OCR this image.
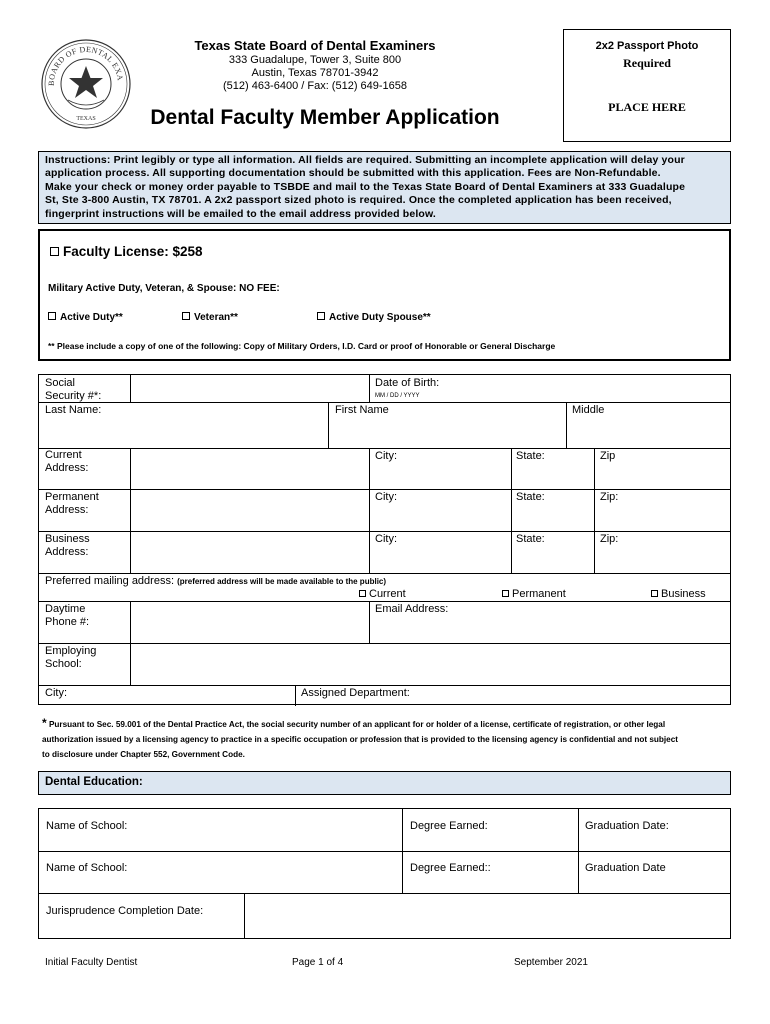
BOARD OF DENTAL EXA
TEXAS
Texas State Board of Dental Examiners
333 Guadalupe, Tower 3, Suite 800
Austin, Texas 78701-3942
(512) 463-6400 / Fax: (512) 649-1658
Dental Faculty Member Application
2x2 Passport Photo
Required
PLACE HERE
Instructions: Print legibly or type all information. All fields are required. Submitting an incomplete application will delay your
application process. All supporting documentation should be submitted with this application. Fees are Non-Refundable.
Make your check or money order payable to TSBDE and mail to the Texas State Board of Dental Examiners at 333 Guadalupe
St, Ste 3-800 Austin, TX 78701. A 2x2 passport sized photo is required. Once the completed application has been received,
fingerprint instructions will be emailed to the email address provided below.
Faculty License: $258
Military Active Duty, Veteran, & Spouse: NO FEE:
Active Duty**	Veteran**	Active Duty Spouse**
** Please include a copy of one of the following: Copy of Military Orders, I.D. Card or proof of Honorable or General Discharge
Social
Security #*:
Date of Birth:
MM / DD / YYYY
Last Name:	First Name	Middle
Current
Address:
City:	State:	Zip
Permanent
Address:
City:	State:	Zip:
Business
Address:
City:	State:	Zip:
Preferred mailing address: (preferred address will be made available to the public)
Current	Permanent	Business
Daytime
Phone #:
Email Address:
Employing
School:
City:	Assigned Department:
* Pursuant to Sec. 59.001 of the Dental Practice Act, the social security number of an applicant for or holder of a license, certificate of registration, or other legal
authorization issued by a licensing agency to practice in a specific occupation or profession that is provided to the licensing agency is confidential and not subject
to disclosure under Chapter 552, Government Code.
Dental Education:
Name of School:	Degree Earned:	Graduation Date:
Name of School:	Degree Earned::	Graduation Date
Jurisprudence Completion Date:
Initial Faculty Dentist	Page 1 of 4	September 2021
